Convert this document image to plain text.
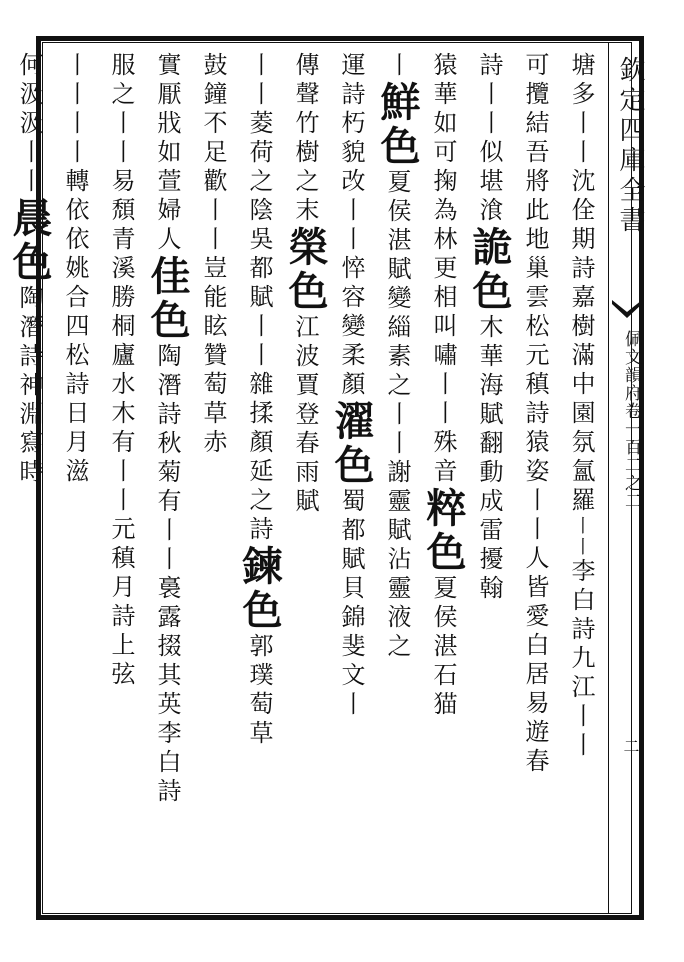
欽定四庫全書
佩文韻府卷一百二之二
二
塘多丨丨沈佺期詩嘉樹滿中園氛氳羅丨丨李白詩九江丨丨
可攬結吾將此地巢雲松元稹詩猿姿丨丨人皆愛白居易遊春
詩丨丨似堪湌詭色木華海賦翻動成雷擾翰
猿華如可掬為林更相叫嘯丨丨殊音粹色夏侯湛石猫
丨鮮色夏侯湛賦變緇素之丨丨謝靈賦沾靈液之
運詩朽貌改丨丨悴容變柔顏濯色蜀都賦貝錦斐文丨
傳聲竹樹之末榮色江波賈登春雨賦
丨丨菱荷之陰吳都賦丨丨雜揉顏延之詩鍊色郭璞萄草
鼓鐘不足歡丨丨豈能眩贊萄草赤
實厭戕如萱婦人佳色陶潛詩秋菊有丨丨裛露掇其英李白詩
服之丨丨易頹青溪勝桐廬水木有丨丨元稹月詩上弦
丨丨丨丨轉依依姚合四松詩日月滋
何汲汲丨丨晨色陶潛詩神淵寫時
